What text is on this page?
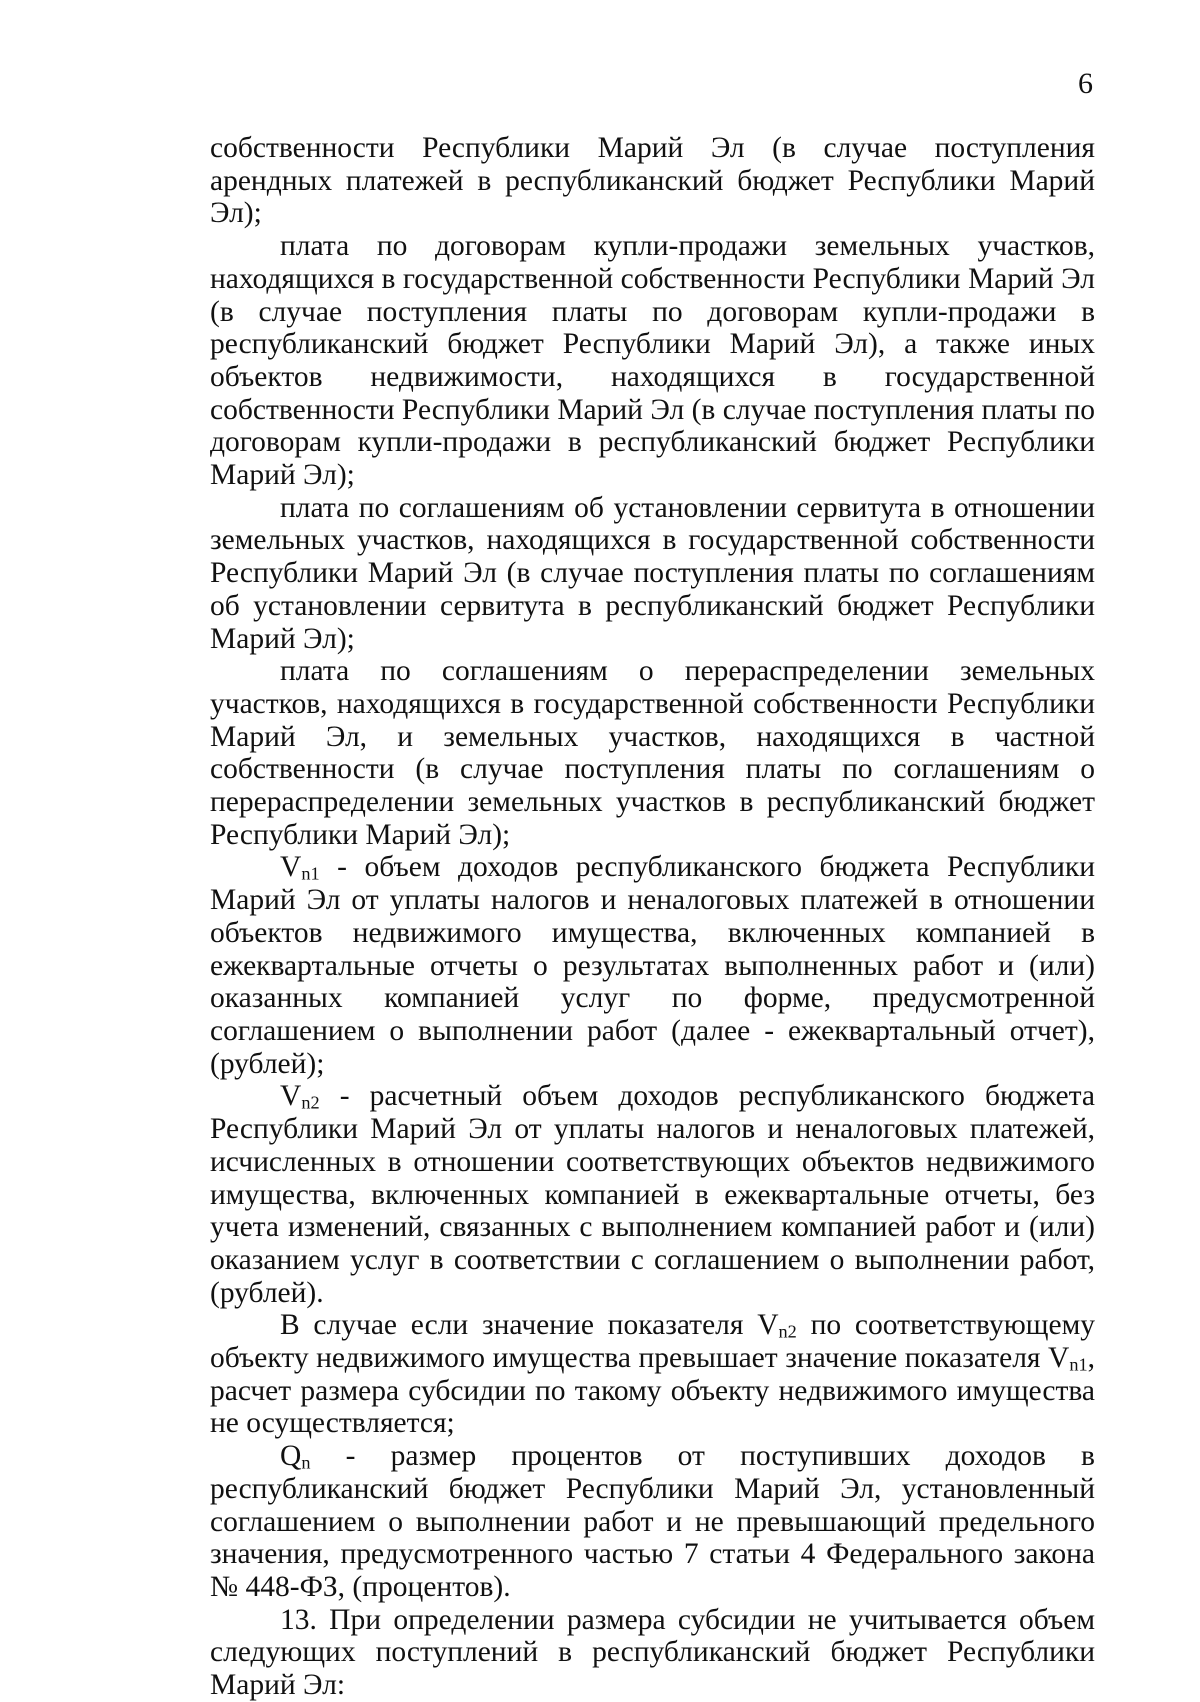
6

собственности Республики Марий Эл (в случае поступления арендных платежей в республиканский бюджет Республики Марий Эл);

плата по договорам купли-продажи земельных участков, находящихся в государственной собственности Республики Марий Эл (в случае поступления платы по договорам купли-продажи в республиканский бюджет Республики Марий Эл), а также иных объектов недвижимости, находящихся в государственной собственности Республики Марий Эл (в случае поступления платы по договорам купли-продажи в республиканский бюджет Республики Марий Эл);

плата по соглашениям об установлении сервитута в отношении земельных участков, находящихся в государственной собственности Республики Марий Эл (в случае поступления платы по соглашениям об установлении сервитута в республиканский бюджет Республики Марий Эл);

плата по соглашениям о перераспределении земельных участков, находящихся в государственной собственности Республики Марий Эл, и земельных участков, находящихся в частной собственности (в случае поступления платы по соглашениям о перераспределении земельных участков в республиканский бюджет Республики Марий Эл);

$V_{n1}$ - объем доходов республиканского бюджета Республики Марий Эл от уплаты налогов и неналоговых платежей в отношении объектов недвижимого имущества, включенных компанией в ежеквартальные отчеты о результатах выполненных работ и (или) оказанных компанией услуг по форме, предусмотренной соглашением о выполнении работ (далее - ежеквартальный отчет), (рублей);

$V_{n2}$ - расчетный объем доходов республиканского бюджета Республики Марий Эл от уплаты налогов и неналоговых платежей, исчисленных в отношении соответствующих объектов недвижимого имущества, включенных компанией в ежеквартальные отчеты, без учета изменений, связанных с выполнением компанией работ и (или) оказанием услуг в соответствии с соглашением о выполнении работ, (рублей).

В случае если значение показателя $V_{n2}$ по соответствующему объекту недвижимого имущества превышает значение показателя $V_{n1}$, расчет размера субсидии по такому объекту недвижимого имущества не осуществляется;

$Q_n$ - размер процентов от поступивших доходов в республиканский бюджет Республики Марий Эл, установленный соглашением о выполнении работ и не превышающий предельного значения, предусмотренного частью 7 статьи 4 Федерального закона № 448-ФЗ, (процентов).

13. При определении размера субсидии не учитывается объем следующих поступлений в республиканский бюджет Республики Марий Эл:
